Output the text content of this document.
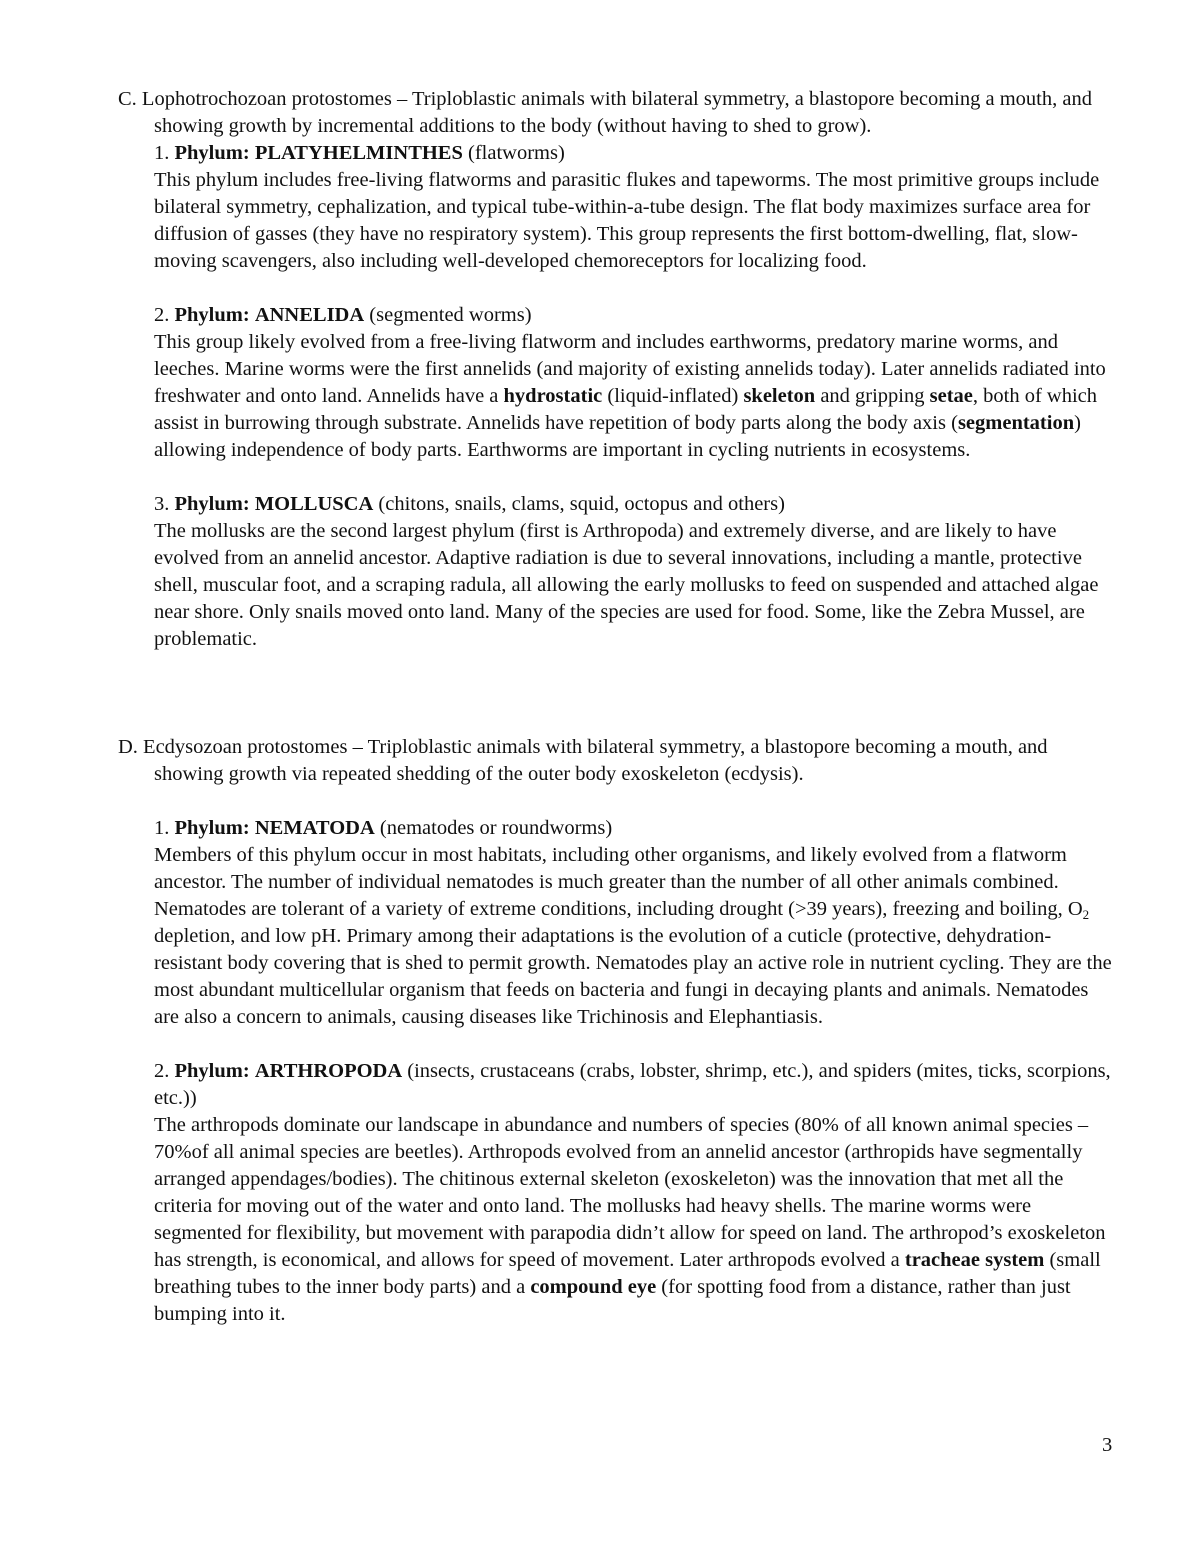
C. Lophotrochozoan protostomes – Triploblastic animals with bilateral symmetry, a blastopore becoming a mouth, and showing growth by incremental additions to the body (without having to shed to grow).

1. Phylum: PLATYHELMINTHES (flatworms)

This phylum includes free-living flatworms and parasitic flukes and tapeworms. The most primitive groups include bilateral symmetry, cephalization, and typical tube-within-a-tube design. The flat body maximizes surface area for diffusion of gasses (they have no respiratory system). This group represents the first bottom-dwelling, flat, slow-moving scavengers, also including well-developed chemoreceptors for localizing food.

2. Phylum: ANNELIDA (segmented worms)

This group likely evolved from a free-living flatworm and includes earthworms, predatory marine worms, and leeches. Marine worms were the first annelids (and majority of existing annelids today). Later annelids radiated into freshwater and onto land. Annelids have a hydrostatic (liquid-inflated) skeleton and gripping setae, both of which assist in burrowing through substrate. Annelids have repetition of body parts along the body axis (segmentation) allowing independence of body parts. Earthworms are important in cycling nutrients in ecosystems.

3. Phylum: MOLLUSCA (chitons, snails, clams, squid, octopus and others)

The mollusks are the second largest phylum (first is Arthropoda) and extremely diverse, and are likely to have evolved from an annelid ancestor. Adaptive radiation is due to several innovations, including a mantle, protective shell, muscular foot, and a scraping radula, all allowing the early mollusks to feed on suspended and attached algae near shore. Only snails moved onto land. Many of the species are used for food. Some, like the Zebra Mussel, are problematic.

D. Ecdysozoan protostomes – Triploblastic animals with bilateral symmetry, a blastopore becoming a mouth, and showing growth via repeated shedding of the outer body exoskeleton (ecdysis).

1. Phylum: NEMATODA (nematodes or roundworms)

Members of this phylum occur in most habitats, including other organisms, and likely evolved from a flatworm ancestor. The number of individual nematodes is much greater than the number of all other animals combined. Nematodes are tolerant of a variety of extreme conditions, including drought (>39 years), freezing and boiling, $O_2$ depletion, and low pH. Primary among their adaptations is the evolution of a cuticle (protective, dehydration-resistant body covering that is shed to permit growth. Nematodes play an active role in nutrient cycling. They are the most abundant multicellular organism that feeds on bacteria and fungi in decaying plants and animals. Nematodes are also a concern to animals, causing diseases like Trichinosis and Elephantiasis.

2. Phylum: ARTHROPODA (insects, crustaceans (crabs, lobster, shrimp, etc.), and spiders (mites, ticks, scorpions, etc.))

The arthropods dominate our landscape in abundance and numbers of species (80% of all known animal species – 70%of all animal species are beetles). Arthropods evolved from an annelid ancestor (arthropids have segmentally arranged appendages/bodies). The chitinous external skeleton (exoskeleton) was the innovation that met all the criteria for moving out of the water and onto land. The mollusks had heavy shells. The marine worms were segmented for flexibility, but movement with parapodia didn’t allow for speed on land. The arthropod’s exoskeleton has strength, is economical, and allows for speed of movement. Later arthropods evolved a tracheae system (small breathing tubes to the inner body parts) and a compound eye (for spotting food from a distance, rather than just bumping into it.

3
